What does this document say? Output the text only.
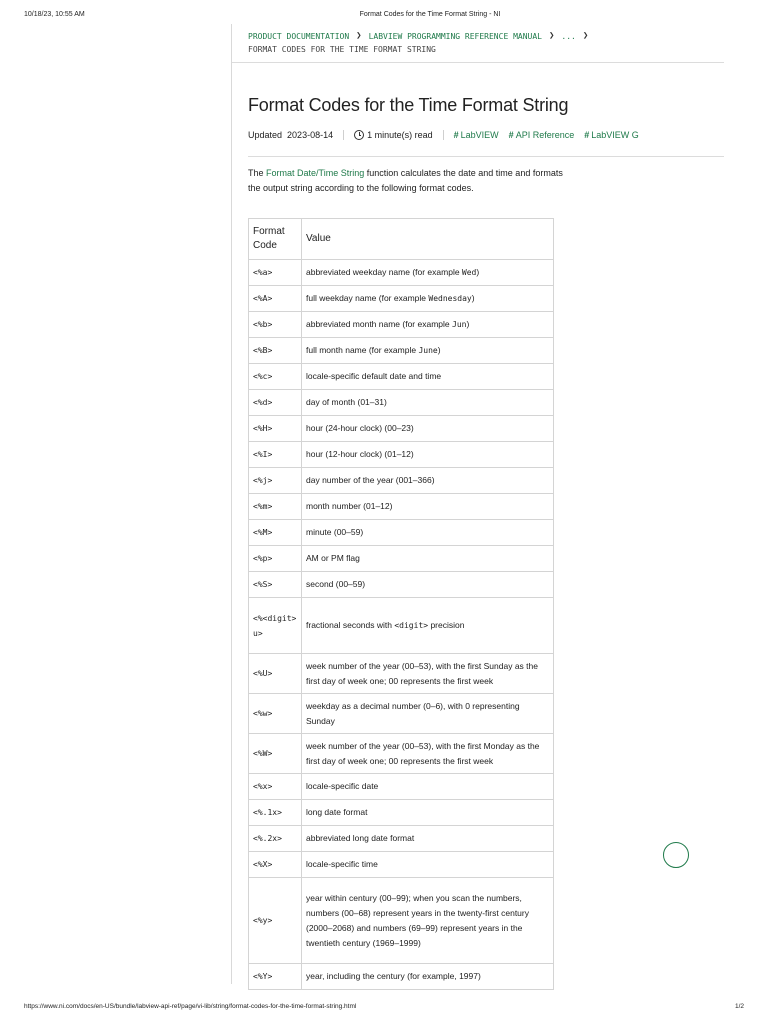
10/18/23, 10:55 AM	Format Codes for the Time Format String - NI
PRODUCT DOCUMENTATION ❯ LABVIEW PROGRAMMING REFERENCE MANUAL ❯ ... ❯
FORMAT CODES FOR THE TIME FORMAT STRING
Format Codes for the Time Format String
Updated
2023-08-14	1 minute(s) read # LabVIEW # API Reference # LabVIEW G

The Format Date/Time String function calculates the date and time and formats the output string according to the following format codes.

Format Code	Value
<%a>	abbreviated weekday name (for example Wed)
<%A>	full weekday name (for example Wednesday)
<%b>	abbreviated month name (for example Jun)
<%B>	full month name (for example June)
<%c>	locale-specific default date and time
<%d>	day of month (01–31)
<%H>	hour (24-hour clock) (00–23)
<%I>	hour (12-hour clock) (01–12)
<%j>	day number of the year (001–366)
<%m>	month number (01–12)
<%M>	minute (00–59)
<%p>	AM or PM flag
<%S>	second (00–59)
<%<digit>u>	fractional seconds with <digit> precision
<%U>	week number of the year (00–53), with the first Sunday as the first day of week one; 00 represents the first week
<%w>	weekday as a decimal number (0–6), with 0 representing Sunday
<%W>	week number of the year (00–53), with the first Monday as the first day of week one; 00 represents the first week
<%x>	locale-specific date
<%.1x>	long date format
<%.2x>	abbreviated long date format
<%X>	locale-specific time
<%y>	year within century (00–99); when you scan the numbers, numbers (00–68) represent years in the twenty-first century (2000–2068) and numbers (69–99) represent years in the twentieth century (1969–1999)
<%Y>	year, including the century (for example, 1997)
https://www.ni.com/docs/en-US/bundle/labview-api-ref/page/vi-lib/string/format-codes-for-the-time-format-string.html	1/2
